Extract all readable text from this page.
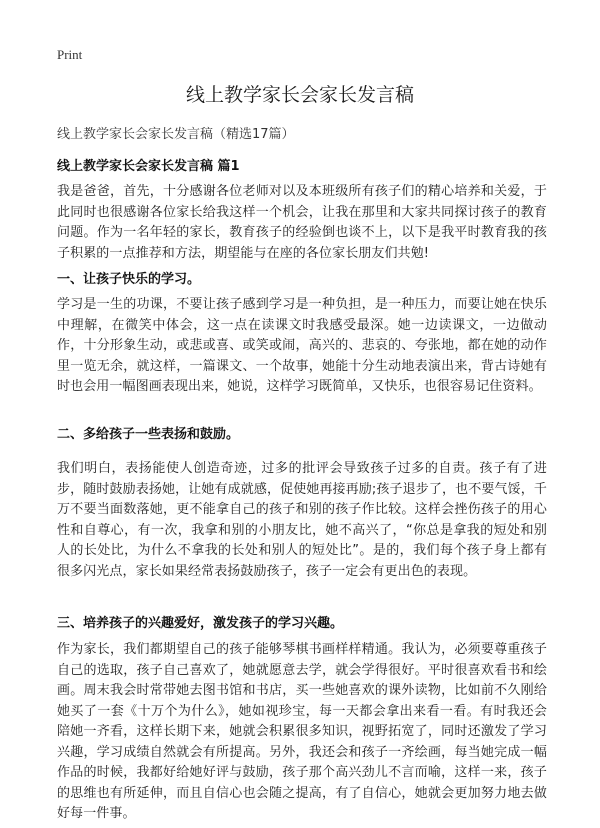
Print
线上教学家长会家长发言稿
线上教学家长会家长发言稿（精选17篇）
线上教学家长会家长发言稿 篇1
我是爸爸，首先，十分感谢各位老师对以及本班级所有孩子们的精心培养和关爱，于此同时也很感谢各位家长给我这样一个机会，让我在那里和大家共同探讨孩子的教育问题。作为一名年轻的家长，教育孩子的经验倒也谈不上，以下是我平时教育我的孩子积累的一点推荐和方法，期望能与在座的各位家长朋友们共勉!
一、让孩子快乐的学习。
学习是一生的功课，不要让孩子感到学习是一种负担，是一种压力，而要让她在快乐中理解，在微笑中体会，这一点在读课文时我感受最深。她一边读课文，一边做动作，十分形象生动，或悲或喜、或笑或闹，高兴的、悲哀的、夸张地，都在她的动作里一览无余，就这样，一篇课文、一个故事，她能十分生动地表演出来，背古诗她有时也会用一幅图画表现出来，她说，这样学习既简单，又快乐，也很容易记住资料。
二、多给孩子一些表扬和鼓励。
我们明白，表扬能使人创造奇迹，过多的批评会导致孩子过多的自责。孩子有了进步，随时鼓励表扬她，让她有成就感，促使她再接再励;孩子退步了，也不要气馁，千万不要当面数落她，更不能拿自己的孩子和别的孩子作比较。这样会挫伤孩子的用心性和自尊心，有一次，我拿和别的小朋友比，她不高兴了，“你总是拿我的短处和别人的长处比，为什么不拿我的长处和别人的短处比”。是的，我们每个孩子身上都有很多闪光点，家长如果经常表扬鼓励孩子，孩子一定会有更出色的表现。
三、培养孩子的兴趣爱好，激发孩子的学习兴趣。
作为家长，我们都期望自己的孩子能够琴棋书画样样精通。我认为，必须要尊重孩子自己的选取，孩子自己喜欢了，她就愿意去学，就会学得很好。平时很喜欢看书和绘画。周末我会时常带她去图书馆和书店，买一些她喜欢的课外读物，比如前不久刚给她买了一套《十万个为什么》，她如视珍宝，每一天都会拿出来看一看。有时我还会陪她一齐看，这样长期下来，她就会积累很多知识，视野拓宽了，同时还激发了学习兴趣，学习成绩自然就会有所提高。另外，我还会和孩子一齐绘画，每当她完成一幅作品的时候，我都好给她好评与鼓励，孩子那个高兴劲儿不言而喻，这样一来，孩子的思维也有所延伸，而且自信心也会随之提高，有了自信心，她就会更加努力地去做好每一件事。
